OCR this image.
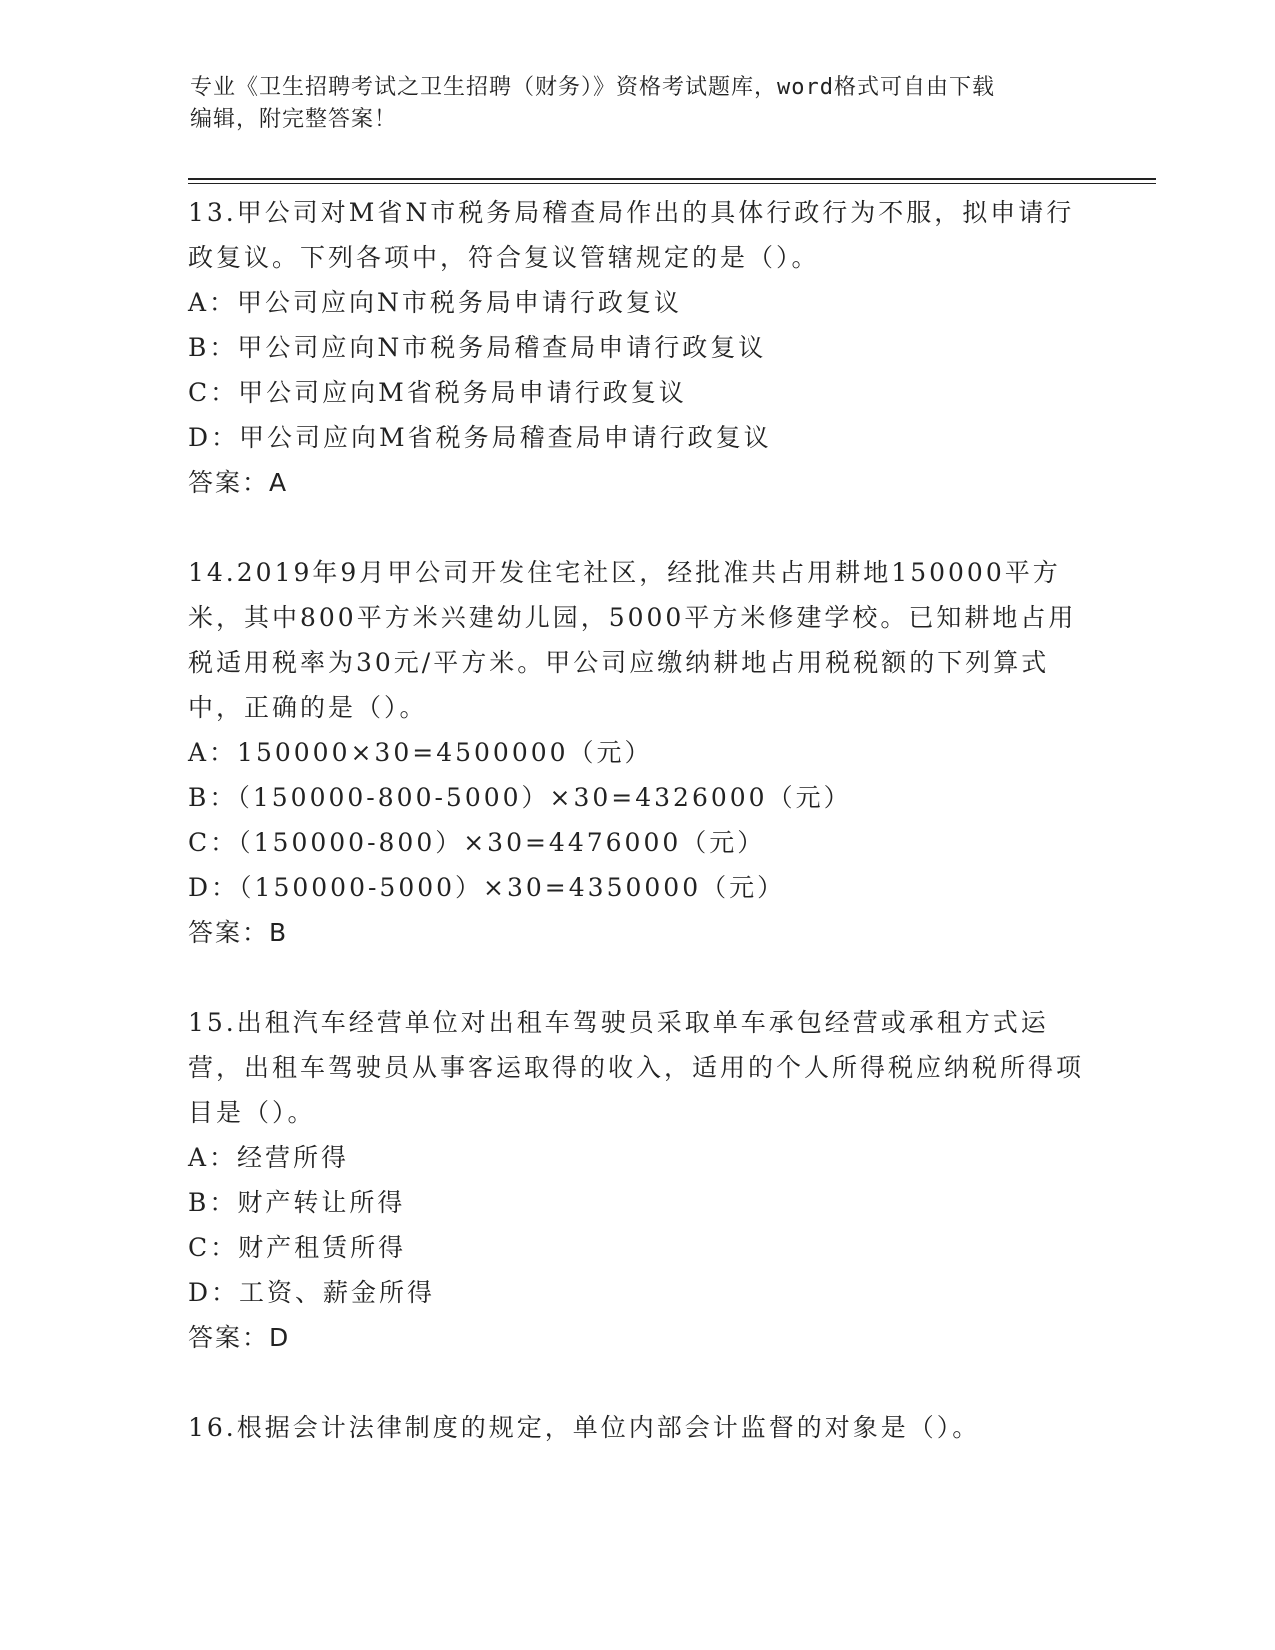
专业《卫生招聘考试之卫生招聘（财务）》资格考试题库，word格式可自由下载
编辑，附完整答案！

13.甲公司对M省N市税务局稽查局作出的具体行政行为不服，拟申请行政复议。下列各项中，符合复议管辖规定的是（）。

A：甲公司应向N市税务局申请行政复议

B：甲公司应向N市税务局稽查局申请行政复议

C：甲公司应向M省税务局申请行政复议

D：甲公司应向M省税务局稽查局申请行政复议

答案：A

14.2019年9月甲公司开发住宅社区，经批准共占用耕地150000平方米，其中800平方米兴建幼儿园，5000平方米修建学校。已知耕地占用税适用税率为30元/平方米。甲公司应缴纳耕地占用税税额的下列算式中，正确的是（）。

A：150000×30=4500000（元）

B：（150000-800-5000）×30=4326000（元）

C：（150000-800）×30=4476000（元）

D：（150000-5000）×30=4350000（元）

答案：B

15.出租汽车经营单位对出租车驾驶员采取单车承包经营或承租方式运营，出租车驾驶员从事客运取得的收入，适用的个人所得税应纳税所得项目是（）。

A：经营所得

B：财产转让所得

C：财产租赁所得

D：工资、薪金所得

答案：D

16.根据会计法律制度的规定，单位内部会计监督的对象是（）。
